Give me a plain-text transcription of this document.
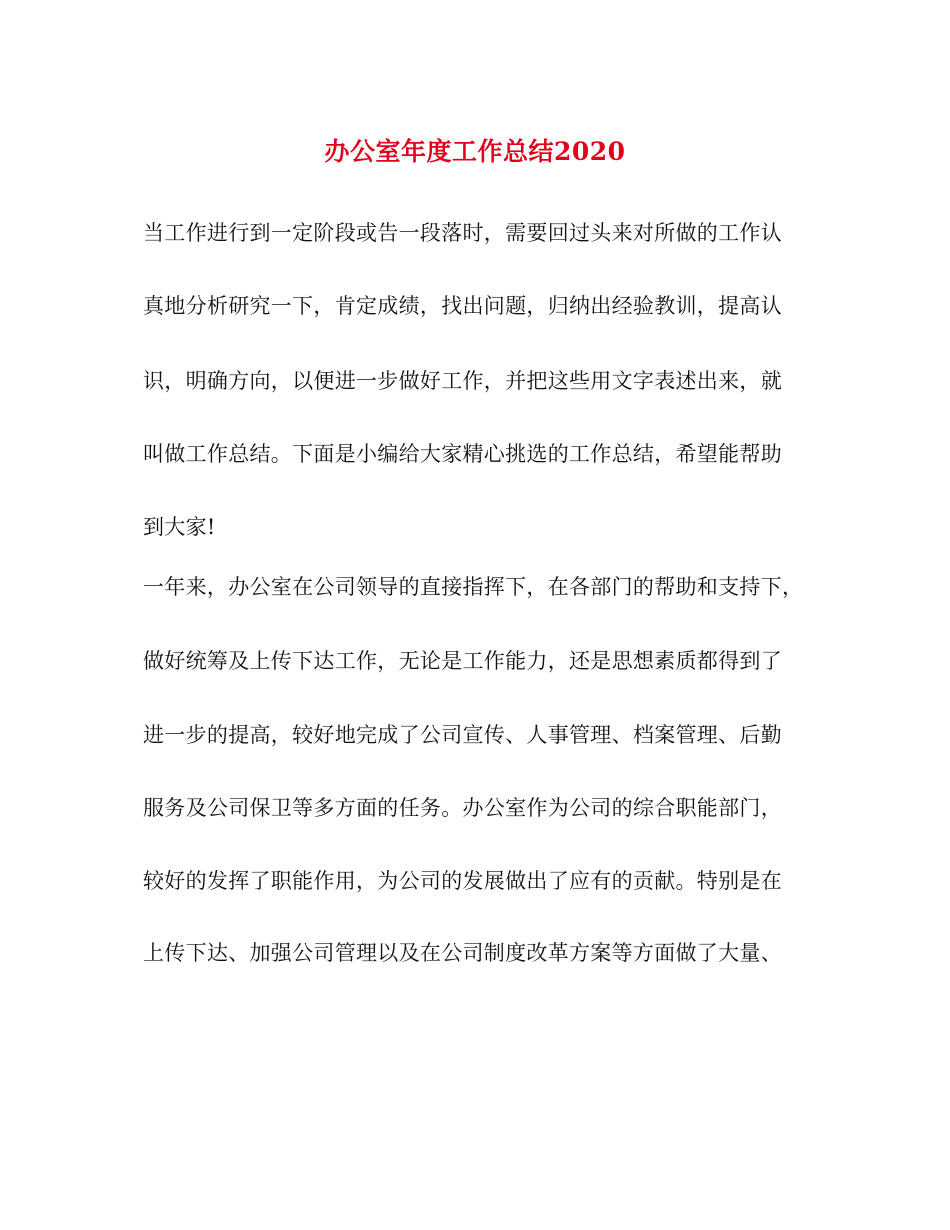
办公室年度工作总结2020
当工作进行到一定阶段或告一段落时，需要回过头来对所做的工作认
真地分析研究一下，肯定成绩，找出问题，归纳出经验教训，提高认
识，明确方向，以便进一步做好工作，并把这些用文字表述出来，就
叫做工作总结。下面是小编给大家精心挑选的工作总结，希望能帮助
到大家!
一年来，办公室在公司领导的直接指挥下，在各部门的帮助和支持下，
做好统筹及上传下达工作，无论是工作能力，还是思想素质都得到了
进一步的提高，较好地完成了公司宣传、人事管理、档案管理、后勤
服务及公司保卫等多方面的任务。办公室作为公司的综合职能部门，
较好的发挥了职能作用，为公司的发展做出了应有的贡献。特别是在
上传下达、加强公司管理以及在公司制度改革方案等方面做了大量、
